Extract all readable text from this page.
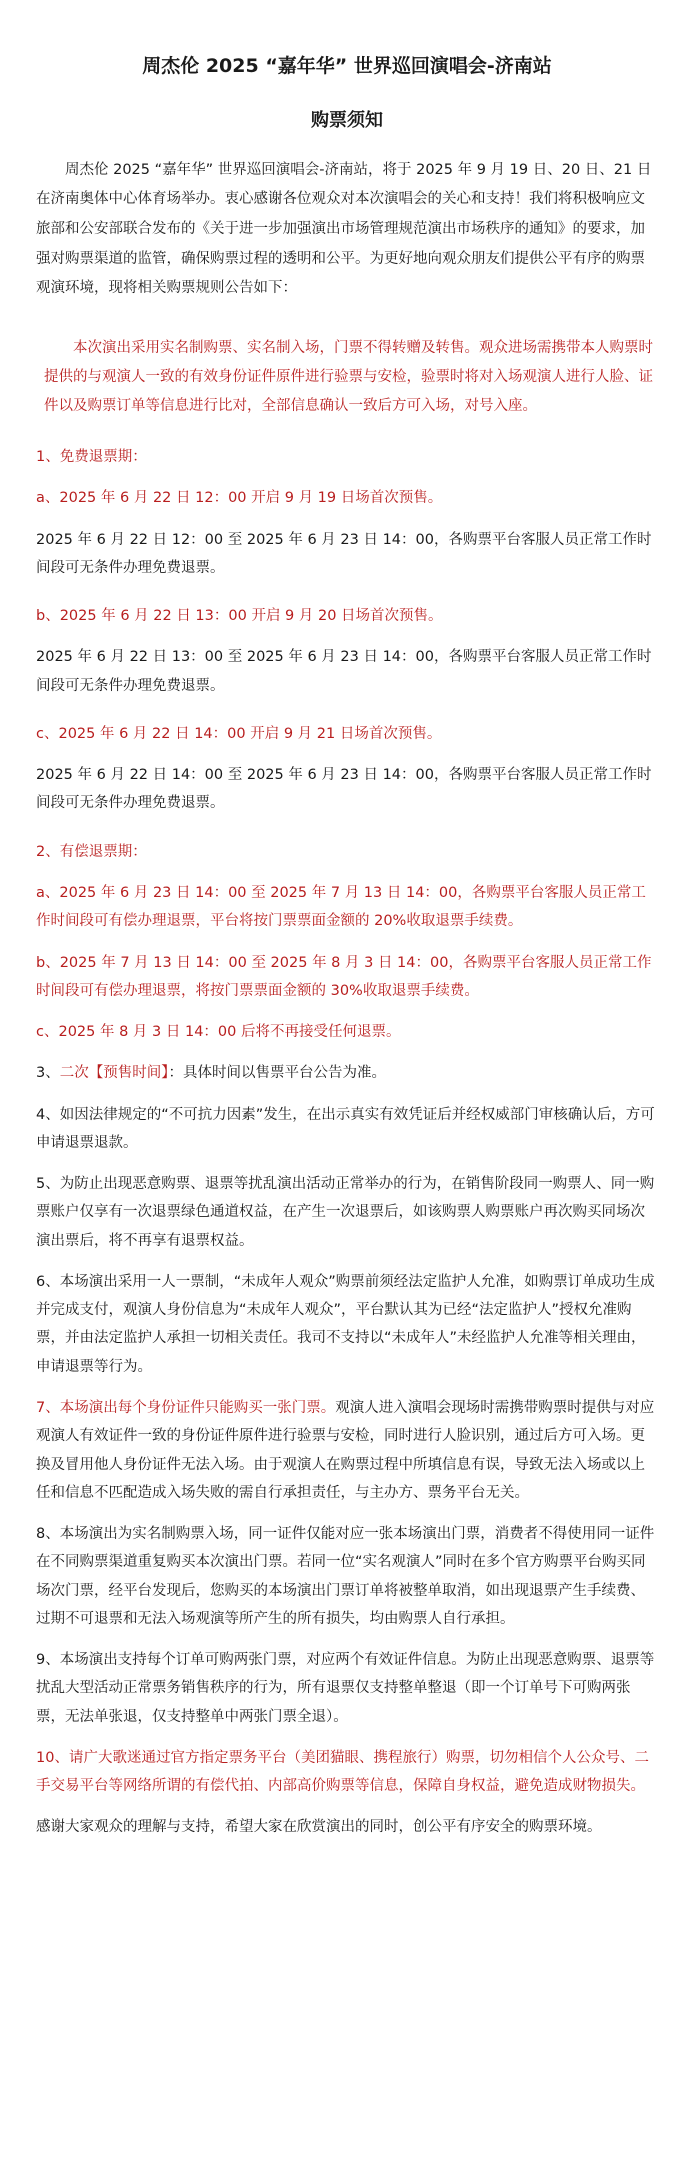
周杰伦 2025 “嘉年华” 世界巡回演唱会-济南站
购票须知

周杰伦 2025 “嘉年华” 世界巡回演唱会-济南站，将于 2025 年 9 月 19 日、20 日、21 日在济南奥体中心体育场举办。衷心感谢各位观众对本次演唱会的关心和支持！我们将积极响应文旅部和公安部联合发布的《关于进一步加强演出市场管理规范演出市场秩序的通知》的要求，加强对购票渠道的监管，确保购票过程的透明和公平。为更好地向观众朋友们提供公平有序的购票观演环境，现将相关购票规则公告如下：

本次演出采用实名制购票、实名制入场，门票不得转赠及转售。观众进场需携带本人购票时提供的与观演人一致的有效身份证件原件进行验票与安检，验票时将对入场观演人进行人脸、证件以及购票订单等信息进行比对，全部信息确认一致后方可入场，对号入座。

1、免费退票期：

a、2025 年 6 月 22 日 12：00 开启 9 月 19 日场首次预售。

2025 年 6 月 22 日 12：00 至 2025 年 6 月 23 日 14：00，各购票平台客服人员正常工作时间段可无条件办理免费退票。

b、2025 年 6 月 22 日 13：00 开启 9 月 20 日场首次预售。

2025 年 6 月 22 日 13：00 至 2025 年 6 月 23 日 14：00，各购票平台客服人员正常工作时间段可无条件办理免费退票。

c、2025 年 6 月 22 日 14：00 开启 9 月 21 日场首次预售。

2025 年 6 月 22 日 14：00 至 2025 年 6 月 23 日 14：00，各购票平台客服人员正常工作时间段可无条件办理免费退票。

2、有偿退票期：

a、2025 年 6 月 23 日 14：00 至 2025 年 7 月 13 日 14：00，各购票平台客服人员正常工作时间段可有偿办理退票，平台将按门票票面金额的 20%收取退票手续费。

b、2025 年 7 月 13 日 14：00 至 2025 年 8 月 3 日 14：00，各购票平台客服人员正常工作时间段可有偿办理退票，将按门票票面金额的 30%收取退票手续费。

c、2025 年 8 月 3 日 14：00 后将不再接受任何退票。

3、二次【预售时间】：具体时间以售票平台公告为准。

4、如因法律规定的“不可抗力因素”发生，在出示真实有效凭证后并经权威部门审核确认后，方可申请退票退款。

5、为防止出现恶意购票、退票等扰乱演出活动正常举办的行为，在销售阶段同一购票人、同一购票账户仅享有一次退票绿色通道权益，在产生一次退票后，如该购票人购票账户再次购买同场次演出票后，将不再享有退票权益。

6、本场演出采用一人一票制，“未成年人观众”购票前须经法定监护人允准，如购票订单成功生成并完成支付，观演人身份信息为“未成年人观众”，平台默认其为已经“法定监护人”授权允准购票，并由法定监护人承担一切相关责任。我司不支持以“未成年人”未经监护人允准等相关理由，申请退票等行为。

7、本场演出每个身份证件只能购买一张门票。观演人进入演唱会现场时需携带购票时提供与对应观演人有效证件一致的身份证件原件进行验票与安检，同时进行人脸识别，通过后方可入场。更换及冒用他人身份证件无法入场。由于观演人在购票过程中所填信息有误，导致无法入场或以上任和信息不匹配造成入场失败的需自行承担责任，与主办方、票务平台无关。

8、本场演出为实名制购票入场，同一证件仅能对应一张本场演出门票，消费者不得使用同一证件在不同购票渠道重复购买本次演出门票。若同一位“实名观演人”同时在多个官方购票平台购买同场次门票，经平台发现后，您购买的本场演出门票订单将被整单取消，如出现退票产生手续费、过期不可退票和无法入场观演等所产生的所有损失，均由购票人自行承担。

9、本场演出支持每个订单可购两张门票，对应两个有效证件信息。为防止出现恶意购票、退票等扰乱大型活动正常票务销售秩序的行为，所有退票仅支持整单整退（即一个订单号下可购两张票，无法单张退，仅支持整单中两张门票全退）。

10、请广大歌迷通过官方指定票务平台（美团猫眼、携程旅行）购票，切勿相信个人公众号、二手交易平台等网络所谓的有偿代拍、内部高价购票等信息，保障自身权益，避免造成财物损失。

感谢大家观众的理解与支持，希望大家在欣赏演出的同时，创公平有序安全的购票环境。
